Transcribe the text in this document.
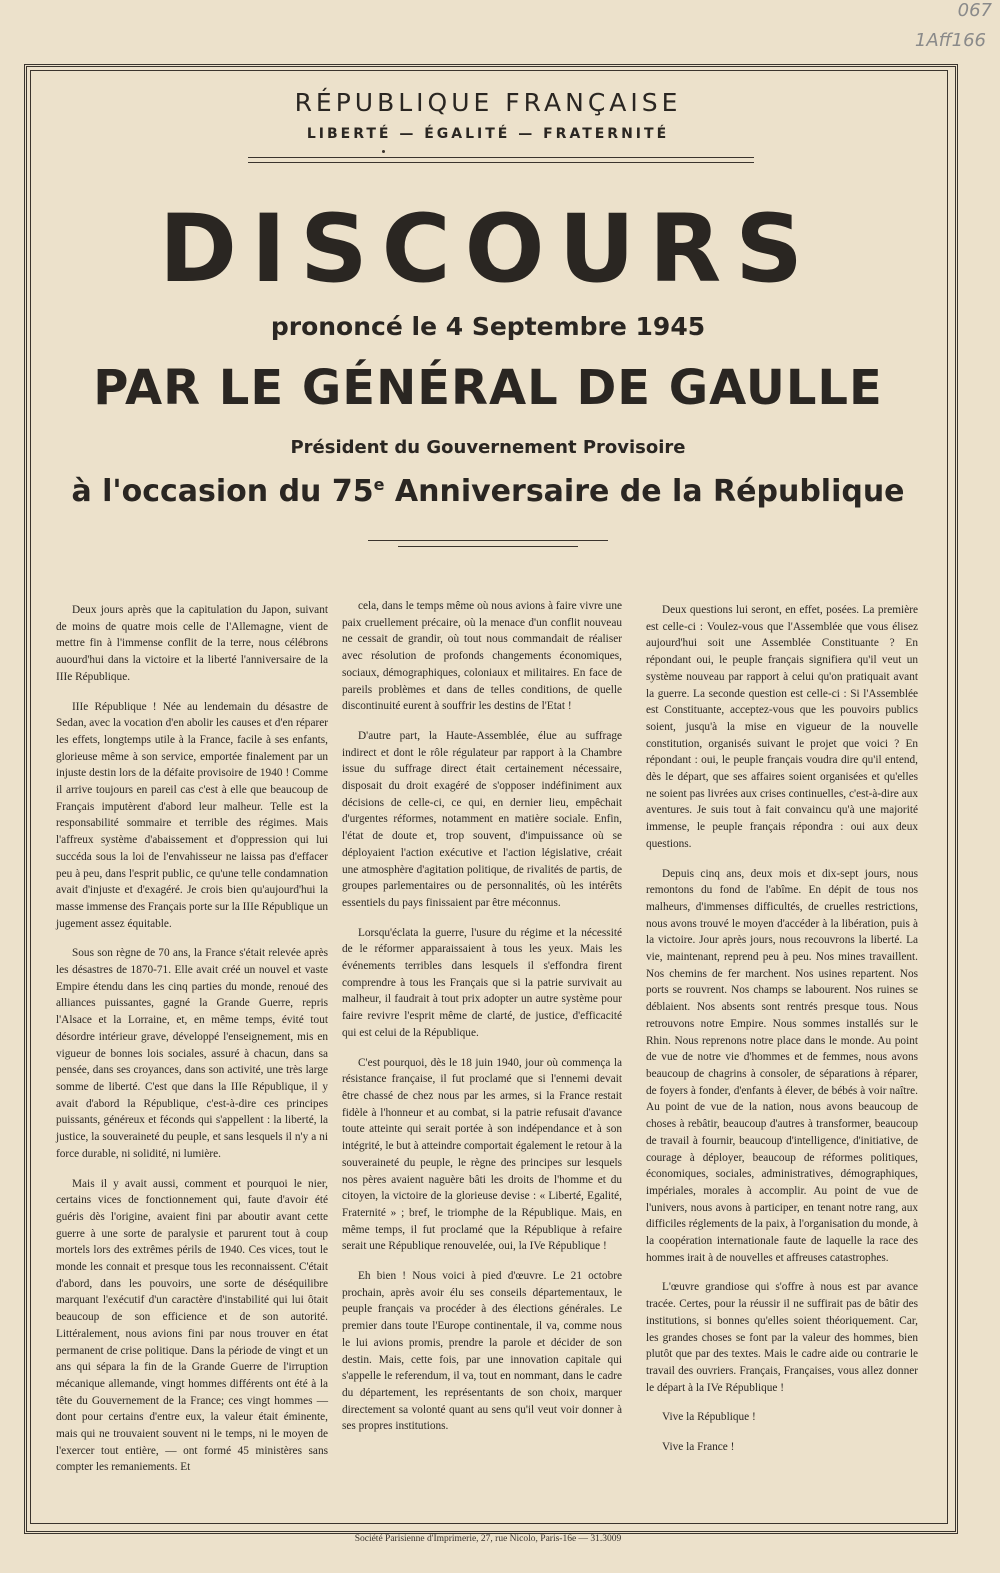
067
1Aff166
RÉPUBLIQUE FRANÇAISE
LIBERTÉ — ÉGALITÉ — FRATERNITÉ
DISCOURS
prononcé le 4 Septembre 1945
PAR LE GÉNÉRAL DE GAULLE
Président du Gouvernement Provisoire
à l'occasion du 75e Anniversaire de la République

Deux jours après que la capitulation du Japon, suivant de moins de quatre mois celle de l'Allemagne, vient de mettre fin à l'immense conflit de la terre, nous célébrons auourd'hui dans la victoire et la liberté l'anniversaire de la IIIe République.

IIIe République ! Née au lendemain du désastre de Sedan, avec la vocation d'en abolir les causes et d'en réparer les effets, longtemps utile à la France, facile à ses enfants, glorieuse même à son service, emportée finalement par un injuste destin lors de la défaite provisoire de 1940 ! Comme il arrive toujours en pareil cas c'est à elle que beaucoup de Français imputèrent d'abord leur malheur. Telle est la responsabilité sommaire et terrible des régimes. Mais l'affreux système d'abaissement et d'oppression qui lui succéda sous la loi de l'envahisseur ne laissa pas d'effacer peu à peu, dans l'esprit public, ce qu'une telle condamnation avait d'injuste et d'exagéré. Je crois bien qu'aujourd'hui la masse immense des Français porte sur la IIIe République un jugement assez équitable.

Sous son règne de 70 ans, la France s'était relevée après les désastres de 1870-71. Elle avait créé un nouvel et vaste Empire étendu dans les cinq parties du monde, renoué des alliances puissantes, gagné la Grande Guerre, repris l'Alsace et la Lorraine, et, en même temps, évité tout désordre intérieur grave, développé l'enseignement, mis en vigueur de bonnes lois sociales, assuré à chacun, dans sa pensée, dans ses croyances, dans son activité, une très large somme de liberté. C'est que dans la IIIe République, il y avait d'abord la République, c'est-à-dire ces principes puissants, généreux et féconds qui s'appellent : la liberté, la justice, la souveraineté du peuple, et sans lesquels il n'y a ni force durable, ni solidité, ni lumière.

Mais il y avait aussi, comment et pourquoi le nier, certains vices de fonctionnement qui, faute d'avoir été guéris dès l'origine, avaient fini par aboutir avant cette guerre à une sorte de paralysie et parurent tout à coup mortels lors des extrêmes périls de 1940. Ces vices, tout le monde les connait et presque tous les reconnaissent. C'était d'abord, dans les pouvoirs, une sorte de déséquilibre marquant l'exécutif d'un caractère d'instabilité qui lui ôtait beaucoup de son efficience et de son autorité. Littéralement, nous avions fini par nous trouver en état permanent de crise politique. Dans la période de vingt et un ans qui sépara la fin de la Grande Guerre de l'irruption mécanique allemande, vingt hommes différents ont été à la tête du Gouvernement de la France; ces vingt hommes — dont pour certains d'entre eux, la valeur était éminente, mais qui ne trouvaient souvent ni le temps, ni le moyen de l'exercer tout entière, — ont formé 45 ministères sans compter les remaniements. Et

cela, dans le temps même où nous avions à faire vivre une paix cruellement précaire, où la menace d'un conflit nouveau ne cessait de grandir, où tout nous commandait de réaliser avec résolution de profonds changements économiques, sociaux, démographiques, coloniaux et militaires. En face de pareils problèmes et dans de telles conditions, de quelle discontinuité eurent à souffrir les destins de l'Etat !

D'autre part, la Haute-Assemblée, élue au suffrage indirect et dont le rôle régulateur par rapport à la Chambre issue du suffrage direct était certainement nécessaire, disposait du droit exagéré de s'opposer indéfiniment aux décisions de celle-ci, ce qui, en dernier lieu, empêchait d'urgentes réformes, notamment en matière sociale. Enfin, l'état de doute et, trop souvent, d'impuissance où se déployaient l'action exécutive et l'action législative, créait une atmosphère d'agitation politique, de rivalités de partis, de groupes parlementaires ou de personnalités, où les intérêts essentiels du pays finissaient par être méconnus.

Lorsqu'éclata la guerre, l'usure du régime et la nécessité de le réformer apparaissaient à tous les yeux. Mais les événements terribles dans lesquels il s'effondra firent comprendre à tous les Français que si la patrie survivait au malheur, il faudrait à tout prix adopter un autre système pour faire revivre l'esprit même de clarté, de justice, d'efficacité qui est celui de la République.

C'est pourquoi, dès le 18 juin 1940, jour où commença la résistance française, il fut proclamé que si l'ennemi devait être chassé de chez nous par les armes, si la France restait fidèle à l'honneur et au combat, si la patrie refusait d'avance toute atteinte qui serait portée à son indépendance et à son intégrité, le but à atteindre comportait également le retour à la souveraineté du peuple, le règne des principes sur lesquels nos pères avaient naguère bâti les droits de l'homme et du citoyen, la victoire de la glorieuse devise : « Liberté, Egalité, Fraternité » ; bref, le triomphe de la République. Mais, en même temps, il fut proclamé que la République à refaire serait une République renouvelée, oui, la IVe République !

Eh bien ! Nous voici à pied d'œuvre. Le 21 octobre prochain, après avoir élu ses conseils départementaux, le peuple français va procéder à des élections générales. Le premier dans toute l'Europe continentale, il va, comme nous le lui avions promis, prendre la parole et décider de son destin. Mais, cette fois, par une innovation capitale qui s'appelle le referendum, il va, tout en nommant, dans le cadre du département, les représentants de son choix, marquer directement sa volonté quant au sens qu'il veut voir donner à ses propres institutions.

Deux questions lui seront, en effet, posées. La première est celle-ci : Voulez-vous que l'Assemblée que vous élisez aujourd'hui soit une Assemblée Constituante ? En répondant oui, le peuple français signifiera qu'il veut un système nouveau par rapport à celui qu'on pratiquait avant la guerre. La seconde question est celle-ci : Si l'Assemblée est Constituante, acceptez-vous que les pouvoirs publics soient, jusqu'à la mise en vigueur de la nouvelle constitution, organisés suivant le projet que voici ? En répondant : oui, le peuple français voudra dire qu'il entend, dès le départ, que ses affaires soient organisées et qu'elles ne soient pas livrées aux crises continuelles, c'est-à-dire aux aventures. Je suis tout à fait convaincu qu'à une majorité immense, le peuple français répondra : oui aux deux questions.

Depuis cinq ans, deux mois et dix-sept jours, nous remontons du fond de l'abîme. En dépit de tous nos malheurs, d'immenses difficultés, de cruelles restrictions, nous avons trouvé le moyen d'accéder à la libération, puis à la victoire. Jour après jours, nous recouvrons la liberté. La vie, maintenant, reprend peu à peu. Nos mines travaillent. Nos chemins de fer marchent. Nos usines repartent. Nos ports se rouvrent. Nos champs se labourent. Nos ruines se déblaient. Nos absents sont rentrés presque tous. Nous retrouvons notre Empire. Nous sommes installés sur le Rhin. Nous reprenons notre place dans le monde. Au point de vue de notre vie d'hommes et de femmes, nous avons beaucoup de chagrins à consoler, de séparations à réparer, de foyers à fonder, d'enfants à élever, de bébés à voir naître. Au point de vue de la nation, nous avons beaucoup de choses à rebâtir, beaucoup d'autres à transformer, beaucoup de travail à fournir, beaucoup d'intelligence, d'initiative, de courage à déployer, beaucoup de réformes politiques, économiques, sociales, administratives, démographiques, impériales, morales à accomplir. Au point de vue de l'univers, nous avons à participer, en tenant notre rang, aux difficiles réglements de la paix, à l'organisation du monde, à la coopération internationale faute de laquelle la race des hommes irait à de nouvelles et affreuses catastrophes.

L'œuvre grandiose qui s'offre à nous est par avance tracée. Certes, pour la réussir il ne suffirait pas de bâtir des institutions, si bonnes qu'elles soient théoriquement. Car, les grandes choses se font par la valeur des hommes, bien plutôt que par des textes. Mais le cadre aide ou contrarie le travail des ouvriers. Français, Françaises, vous allez donner le départ à la IVe République !

Vive la République !

Vive la France !

Société Parisienne d'Imprimerie, 27, rue Nicolo, Paris-16e — 31.3009
